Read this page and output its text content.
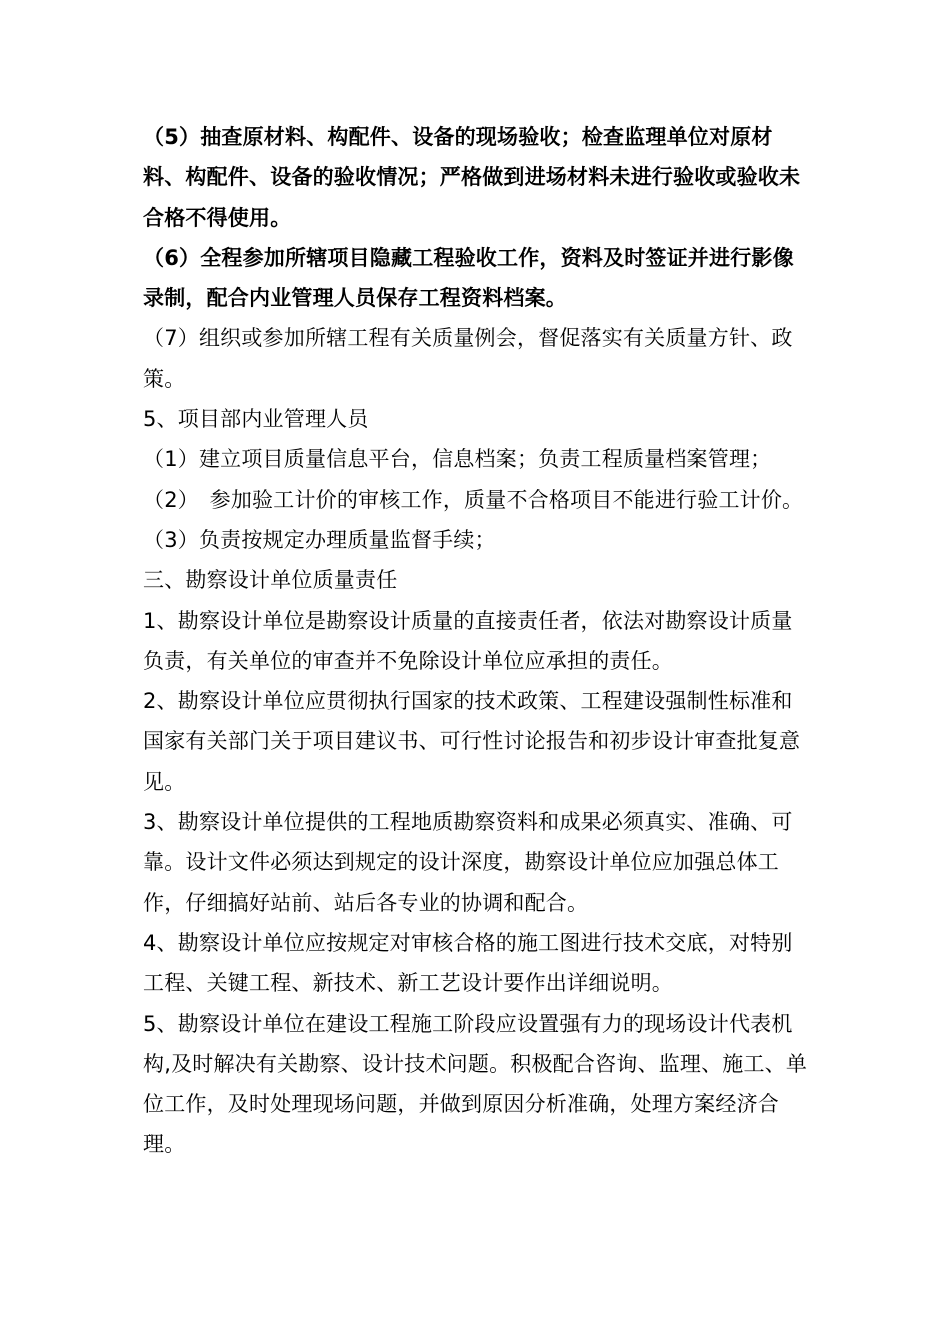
（5）抽查原材料、构配件、设备的现场验收；检查监理单位对原材料、构配件、设备的验收情况；严格做到进场材料未进行验收或验收未合格不得使用。

（6）全程参加所辖项目隐藏工程验收工作，资料及时签证并进行影像录制，配合内业管理人员保存工程资料档案。

（7）组织或参加所辖工程有关质量例会，督促落实有关质量方针、政策。

5、项目部内业管理人员

（1）建立项目质量信息平台，信息档案；负责工程质量档案管理；

（2）　参加验工计价的审核工作，质量不合格项目不能进行验工计价。

（3）负责按规定办理质量监督手续；

三、勘察设计单位质量责任

1、勘察设计单位是勘察设计质量的直接责任者，依法对勘察设计质量负责，有关单位的审查并不免除设计单位应承担的责任。

2、勘察设计单位应贯彻执行国家的技术政策、工程建设强制性标准和国家有关部门关于项目建议书、可行性讨论报告和初步设计审查批复意见。

3、勘察设计单位提供的工程地质勘察资料和成果必须真实、准确、可靠。设计文件必须达到规定的设计深度，勘察设计单位应加强总体工作，仔细搞好站前、站后各专业的协调和配合。

4、勘察设计单位应按规定对审核合格的施工图进行技术交底，对特别工程、关键工程、新技术、新工艺设计要作出详细说明。

5、勘察设计单位在建设工程施工阶段应设置强有力的现场设计代表机构,及时解决有关勘察、设计技术问题。积极配合咨询、监理、施工、单位工作，及时处理现场问题，并做到原因分析准确，处理方案经济合理。
